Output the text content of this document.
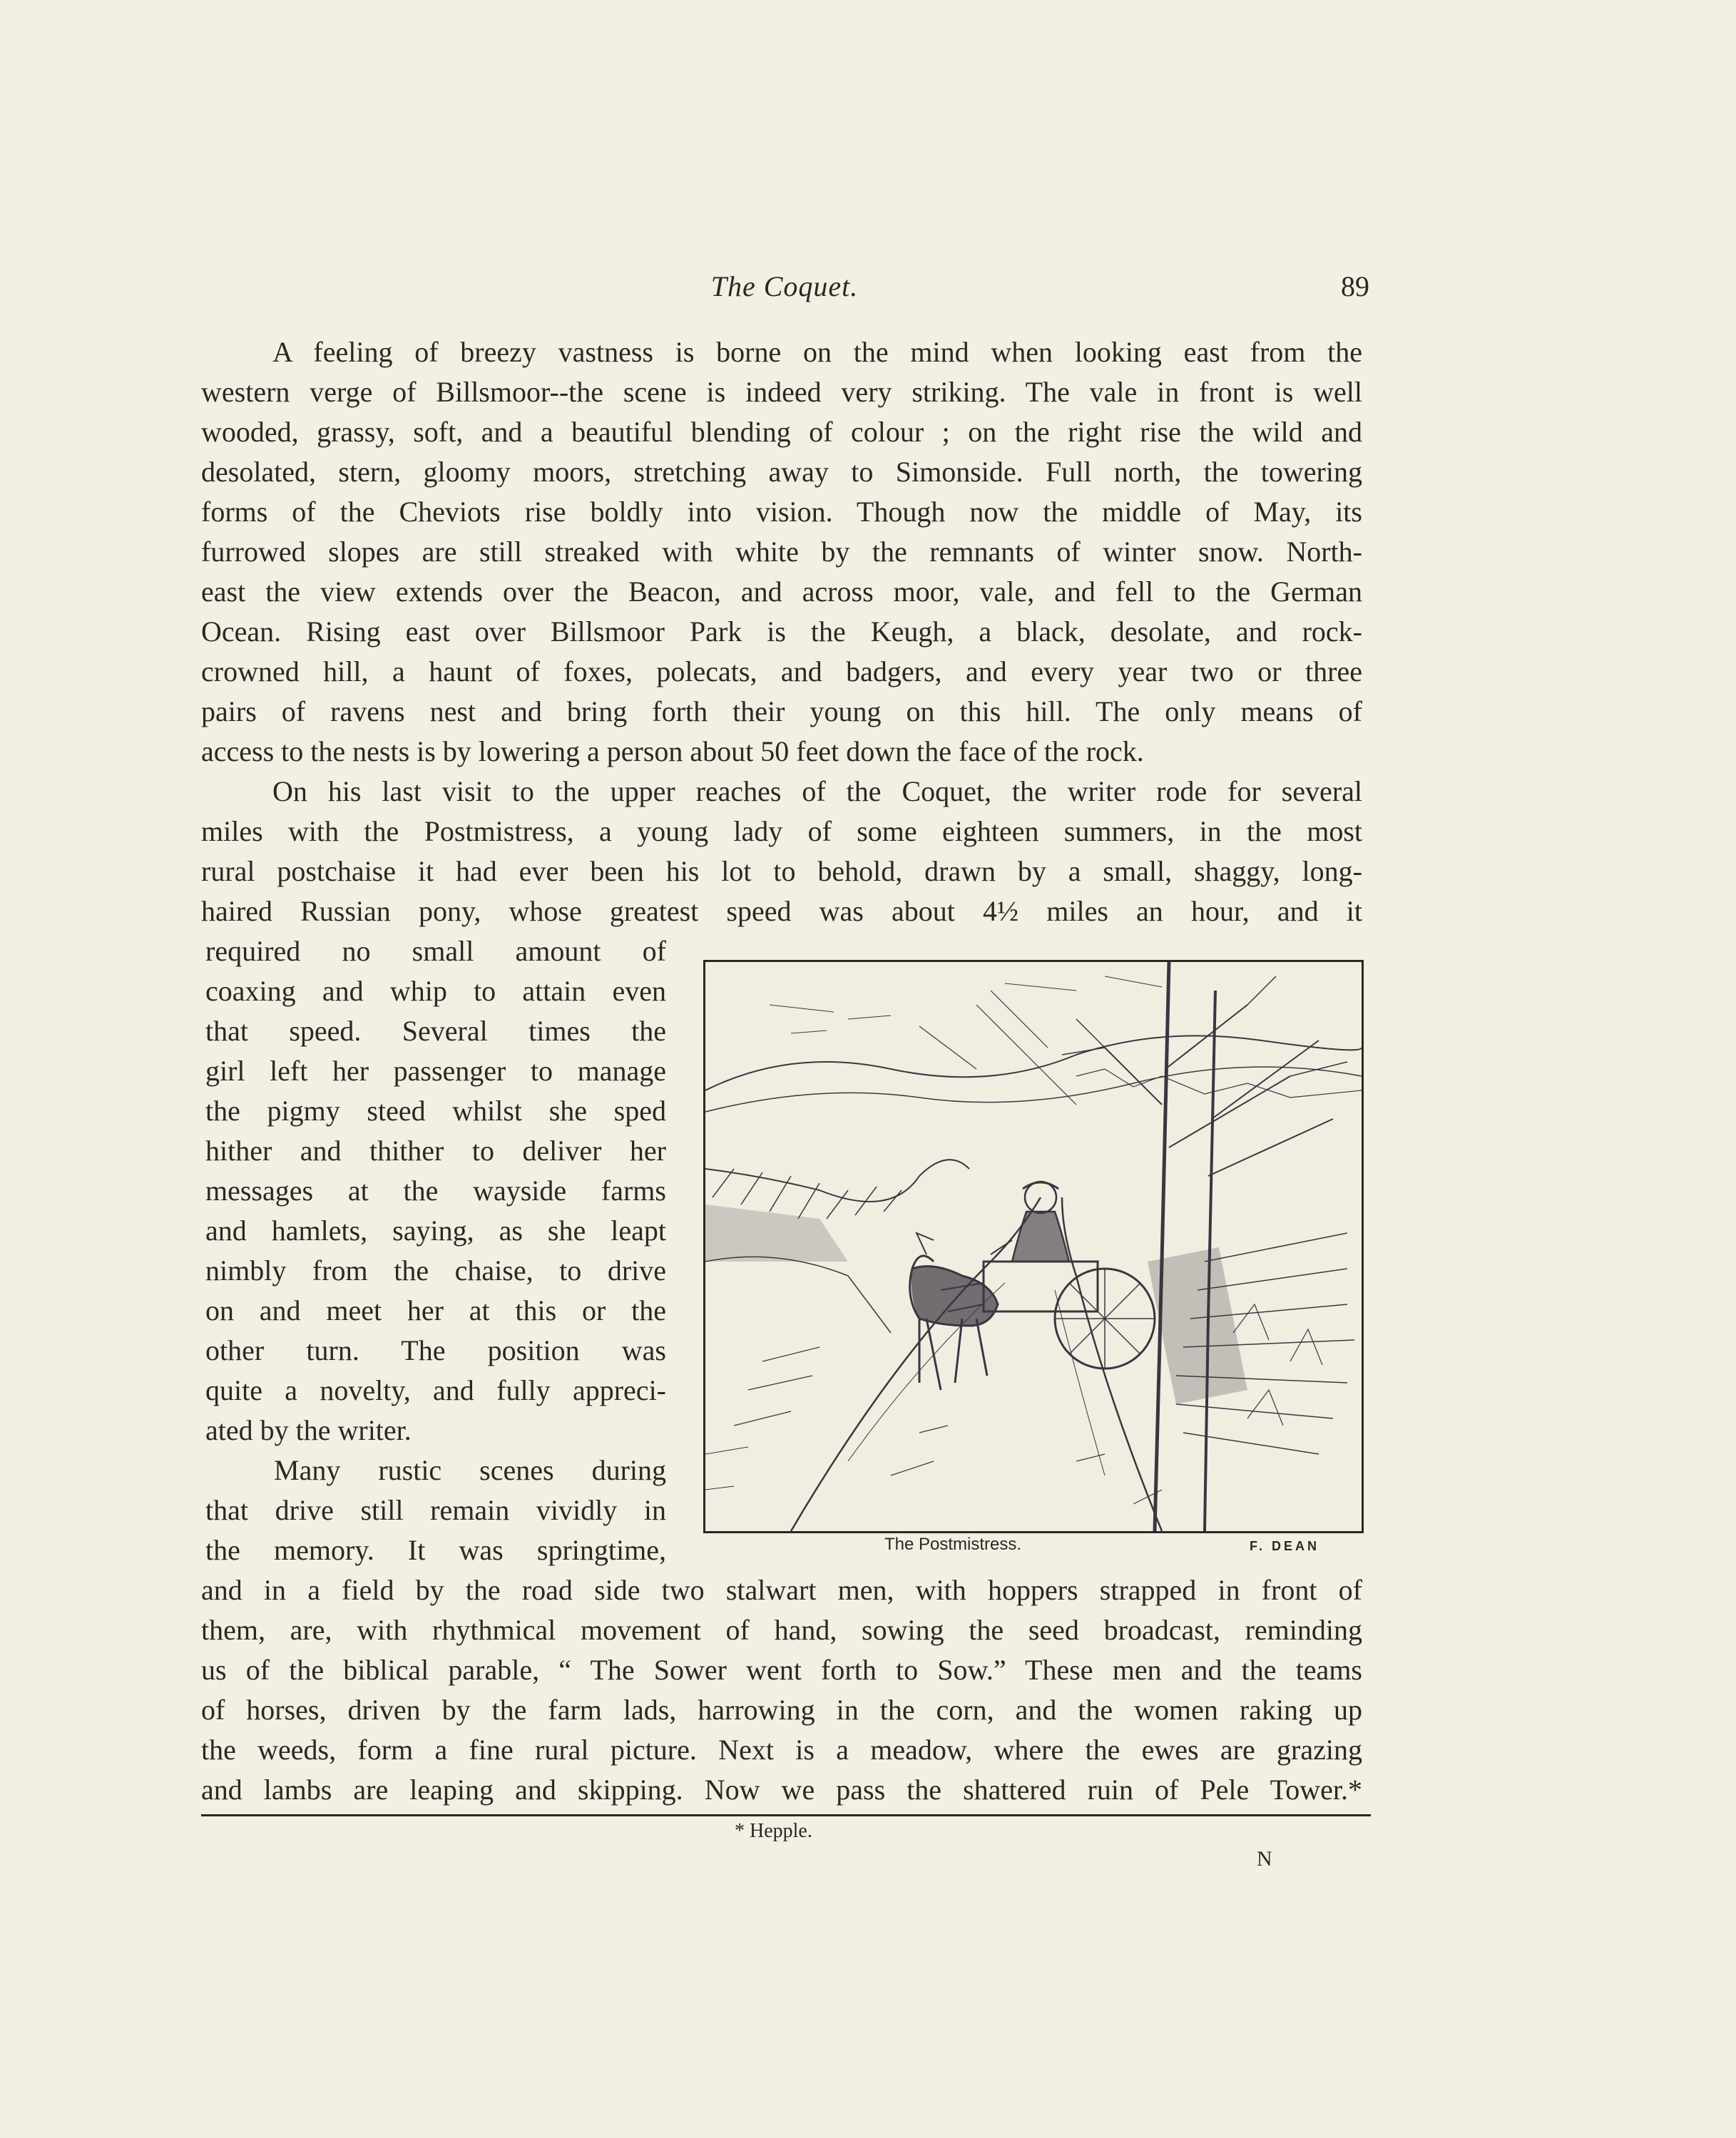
The Coquet.	89
A feeling of breezy vastness is borne on the mind when looking east from the
western verge of Billsmoor--the scene is indeed very striking. The vale in front is well
wooded, grassy, soft, and a beautiful blending of colour ; on the right rise the wild and
desolated, stern, gloomy moors, stretching away to Simonside. Full north, the towering
forms of the Cheviots rise boldly into vision. Though now the middle of May, its
furrowed slopes are still streaked with white by the remnants of winter snow. North-
east the view extends over the Beacon, and across moor, vale, and fell to the German
Ocean. Rising east over Billsmoor Park is the Keugh, a black, desolate, and rock-
crowned hill, a haunt of foxes, polecats, and badgers, and every year two or three
pairs of ravens nest and bring forth their young on this hill. The only means of
access to the nests is by lowering a person about 50 feet down the face of the rock.
On his last visit to the upper reaches of the Coquet, the writer rode for several
miles with the Postmistress, a young lady of some eighteen summers, in the most
rural postchaise it had ever been his lot to behold, drawn by a small, shaggy, long-
haired Russian pony, whose greatest speed was about 4½ miles an hour, and it
required no small amount of
coaxing and whip to attain even
that speed. Several times the
girl left her passenger to manage
the pigmy steed whilst she sped
hither and thither to deliver her
messages at the wayside farms
and hamlets, saying, as she leapt
nimbly from the chaise, to drive
on and meet her at this or the
other turn. The position was
quite a novelty, and fully appreci-
ated by the writer.
Many rustic scenes during
that drive still remain vividly in
the memory. It was springtime,
and in a field by the road side two stalwart men, with hoppers strapped in front of
them, are, with rhythmical movement of hand, sowing the seed broadcast, reminding
us of the biblical parable, “ The Sower went forth to Sow.” These men and the teams
of horses, driven by the farm lads, harrowing in the corn, and the women raking up
the weeds, form a fine rural picture. Next is a meadow, where the ewes are grazing
and lambs are leaping and skipping. Now we pass the shattered ruin of Pele Tower.*
The Postmistress.	F. DEAN
* Hepple.
N
